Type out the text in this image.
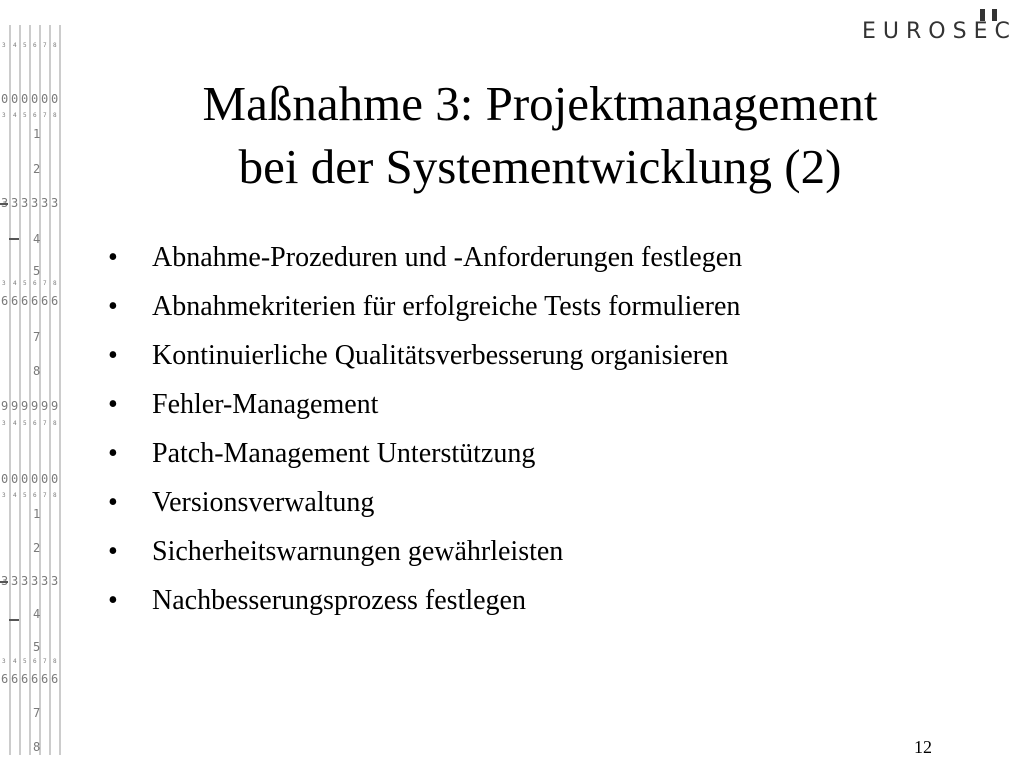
3 4 5 6 7 8
0 0 0 0 0 0
3 4 5 6 7 8
1
2
3 3 3 3 3
4
5
3 4 5 6 7 8
6 6 6 6 6 6
7
8
9 9 9 9 9 9
3 4 5 6 7 8
0 0 0 0 0 0
3 4 5 6 7 8
1
2
3 3 3 3 3
4
5
3 4 5 6 7 8
6 6 6 6 6 6
7
8
EUROSEC
Maßnahme 3: Projektmanagement
bei der Systementwicklung (2)
• Abnahme-Prozeduren und -Anforderungen festlegen
• Abnahmekriterien für erfolgreiche Tests formulieren
• Kontinuierliche Qualitätsverbesserung organisieren
• Fehler-Management
• Patch-Management Unterstützung
• Versionsverwaltung
• Sicherheitswarnungen gewährleisten
• Nachbesserungsprozess festlegen
12
